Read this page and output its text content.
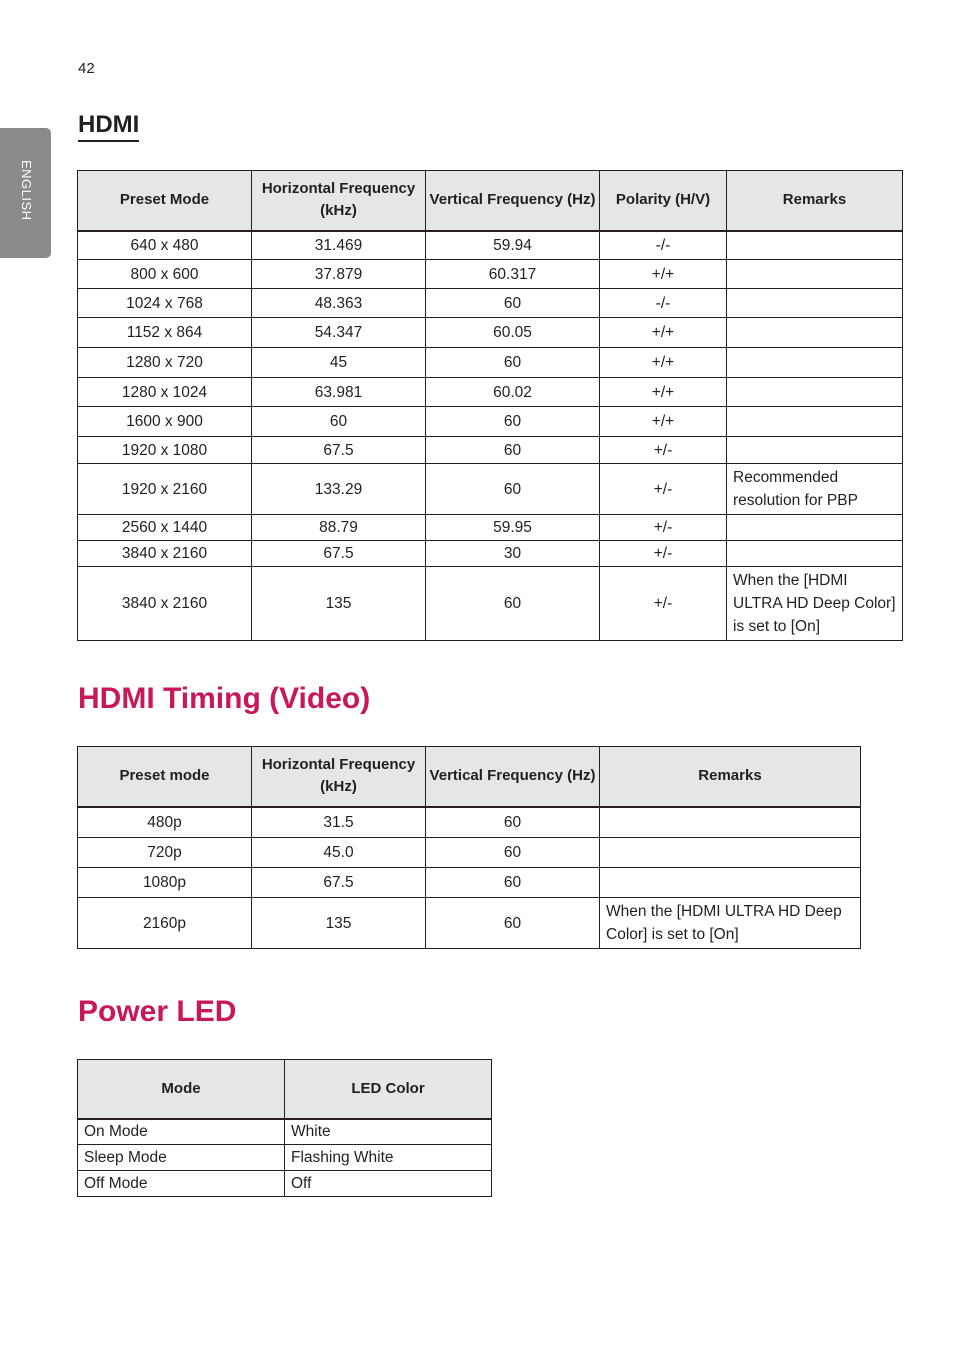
42
ENGLISH
HDMI
Preset Mode	Horizontal Frequency (kHz)	Vertical Frequency (Hz)	Polarity (H/V)	Remarks
640 x 480	31.469	59.94	-/-	
800 x 600	37.879	60.317	+/+	
1024 x 768	48.363	60	-/-	
1152 x 864	54.347	60.05	+/+	
1280 x 720	45	60	+/+	
1280 x 1024	63.981	60.02	+/+	
1600 x 900	60	60	+/+	
1920 x 1080	67.5	60	+/-	
1920 x 2160	133.29	60	+/-	Recommended resolution for PBP
2560 x 1440	88.79	59.95	+/-	
3840 x 2160	67.5	30	+/-	
3840 x 2160	135	60	+/-	When the [HDMI ULTRA HD Deep Color] is set to [On]
HDMI Timing (Video)
Preset mode	Horizontal Frequency (kHz)	Vertical Frequency (Hz)	Remarks
480p	31.5	60	
720p	45.0	60	
1080p	67.5	60	
2160p	135	60	When the [HDMI ULTRA HD Deep Color] is set to [On]
Power LED
Mode	LED Color
On Mode	White
Sleep Mode	Flashing White
Off Mode	Off
